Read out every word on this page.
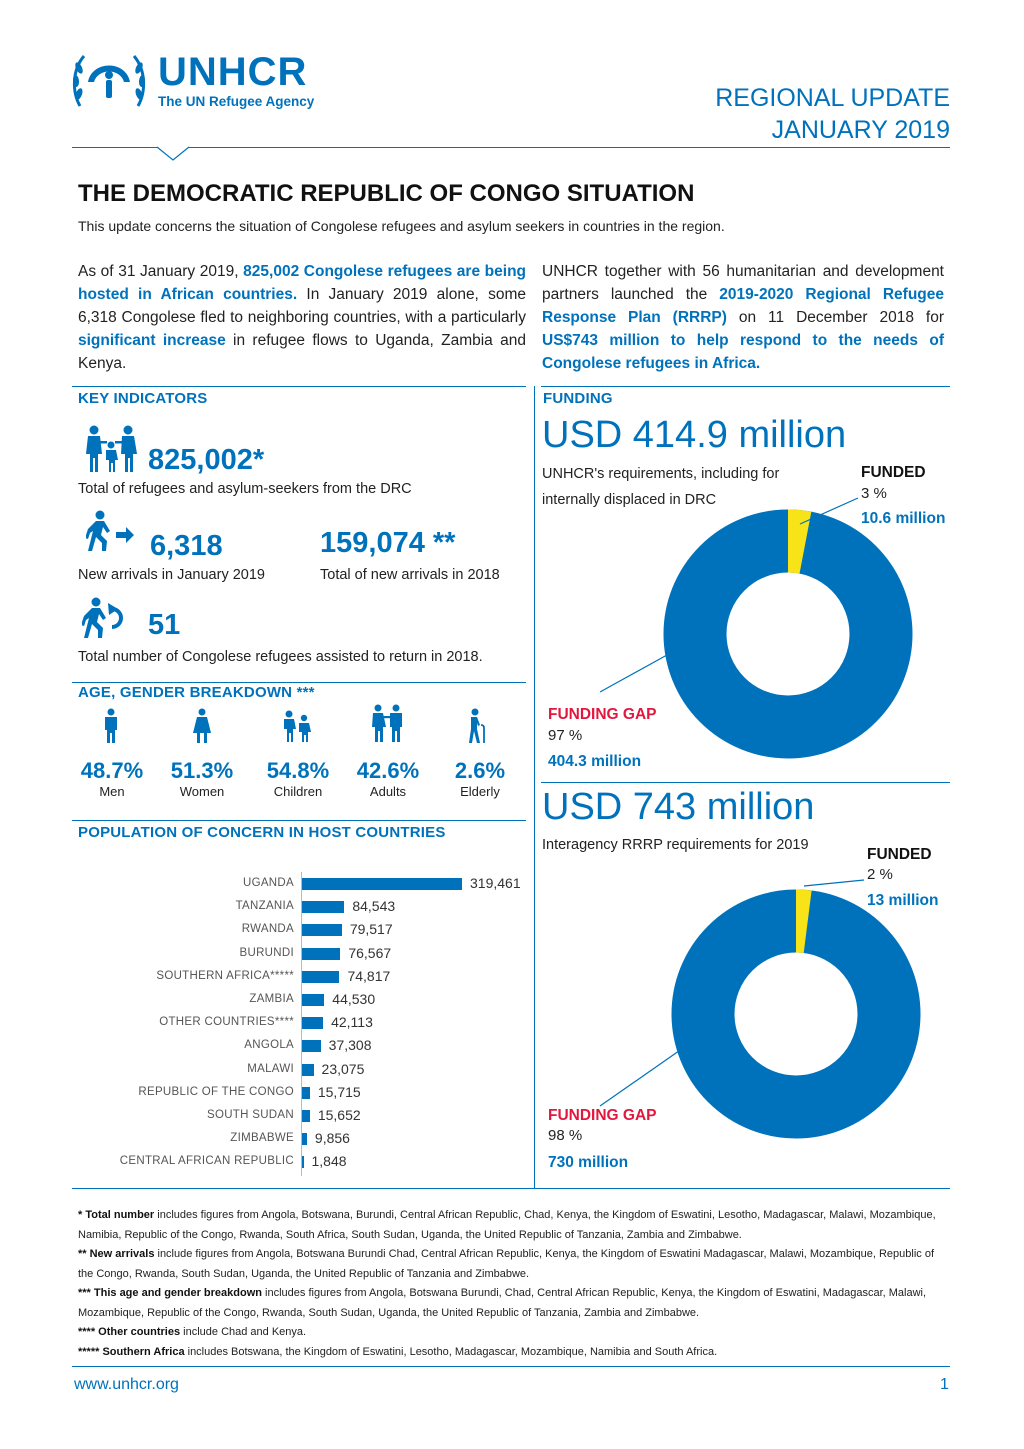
UNHCR
The UN Refugee Agency	REGIONAL UPDATE
JANUARY 2019
THE DEMOCRATIC REPUBLIC OF CONGO SITUATION
This update concerns the situation of Congolese refugees and asylum seekers in countries in the region.
As of 31 January 2019, 825,002 Congolese refugees are being hosted in African countries. In January 2019 alone, some 6,318 Congolese fled to neighboring countries, with a particularly significant increase in refugee flows to Uganda, Zambia and Kenya.
UNHCR together with 56 humanitarian and development partners launched the 2019-2020 Regional Refugee Response Plan (RRRP) on 11 December 2018 for US$743 million to help respond to the needs of Congolese refugees in Africa.
KEY INDICATORS
825,002*
Total of refugees and asylum-seekers from the DRC
6,318
New arrivals in January 2019
159,074 **
Total of new arrivals in 2018
51
Total number of Congolese refugees assisted to return in 2018.
AGE, GENDER BREAKDOWN ***
48.7%
Men
51.3%
Women
54.8%
Children
42.6%
Adults
2.6%
Elderly
POPULATION OF CONCERN IN HOST COUNTRIES
UGANDA	319,461
TANZANIA	84,543
RWANDA	79,517
BURUNDI	76,567
SOUTHERN AFRICA*****	74,817
ZAMBIA	44,530
OTHER COUNTRIES****	42,113
ANGOLA 37,308
MALAWI 23,075
REPUBLIC OF THE CONGO 15,715
SOUTH SUDAN 15,652
ZIMBABWE 9,856
CENTRAL AFRICAN REPUBLIC 1,848
FUNDING
USD 414.9 million
UNHCR's requirements, including for
internally displaced in DRC
FUNDED
3 %
10.6 million
FUNDING GAP
97 %
404.3 million
USD 743 million
Interagency RRRP requirements for 2019
FUNDED
2 %
13 million
FUNDING GAP
98 %
730 million

* Total number includes figures from Angola, Botswana, Burundi, Central African Republic, Chad, Kenya, the Kingdom of Eswatini, Lesotho, Madagascar, Malawi, Mozambique, Namibia, Republic of the Congo, Rwanda, South Africa, South Sudan, Uganda, the United Republic of Tanzania, Zambia and Zimbabwe.

** New arrivals include figures from Angola, Botswana Burundi Chad, Central African Republic, Kenya, the Kingdom of Eswatini Madagascar, Malawi, Mozambique, Republic of the Congo, Rwanda, South Sudan, Uganda, the United Republic of Tanzania and Zimbabwe.

*** This age and gender breakdown includes figures from Angola, Botswana Burundi, Chad, Central African Republic, Kenya, the Kingdom of Eswatini, Madagascar, Malawi, Mozambique, Republic of the Congo, Rwanda, South Sudan, Uganda, the United Republic of Tanzania, Zambia and Zimbabwe.

**** Other countries include Chad and Kenya.

***** Southern Africa includes Botswana, the Kingdom of Eswatini, Lesotho, Madagascar, Mozambique, Namibia and South Africa.

www.unhcr.org	1
